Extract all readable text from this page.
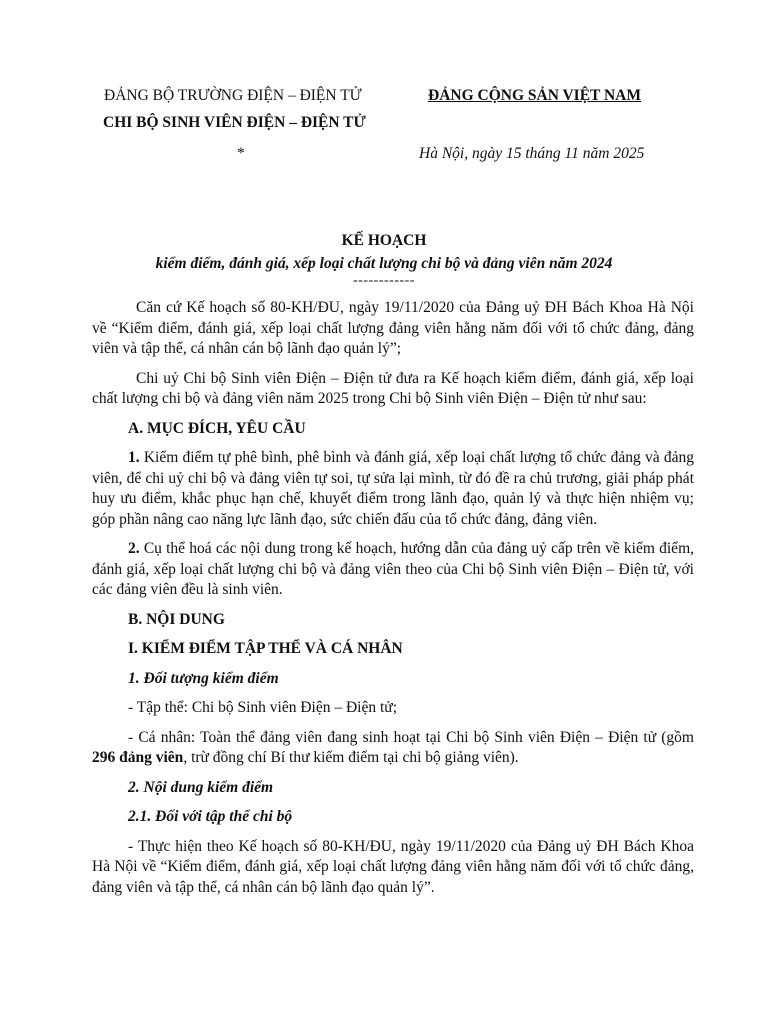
ĐẢNG BỘ TRƯỜNG ĐIỆN – ĐIỆN TỬ
CHI BỘ SINH VIÊN ĐIỆN – ĐIỆN TỬ
*
ĐẢNG CỘNG SẢN VIỆT NAM
Hà Nội, ngày 15 tháng 11 năm 2025
KẾ HOẠCH
kiểm điểm, đánh giá, xếp loại chất lượng chi bộ và đảng viên năm 2024
------------

Căn cứ Kế hoạch số 80-KH/ĐU, ngày 19/11/2020 của Đảng uỷ ĐH Bách Khoa Hà Nội về “Kiểm điểm, đánh giá, xếp loại chất lượng đảng viên hằng năm đối với tổ chức đảng, đảng viên và tập thể, cá nhân cán bộ lãnh đạo quản lý”;

Chi uỷ Chi bộ Sinh viên Điện – Điện tử đưa ra Kế hoạch kiểm điểm, đánh giá, xếp loại chất lượng chi bộ và đảng viên năm 2025 trong Chi bộ Sinh viên Điện – Điện tử như sau:

A. MỤC ĐÍCH, YÊU CẦU

1. Kiểm điểm tự phê bình, phê bình và đánh giá, xếp loại chất lượng tổ chức đảng và đảng viên, để chi uỷ chi bộ và đảng viên tự soi, tự sửa lại mình, từ đó đề ra chủ trương, giải pháp phát huy ưu điểm, khắc phục hạn chế, khuyết điểm trong lãnh đạo, quản lý và thực hiện nhiệm vụ; góp phần nâng cao năng lực lãnh đạo, sức chiến đấu của tổ chức đảng, đảng viên.

2. Cụ thể hoá các nội dung trong kế hoạch, hướng dẫn của đảng uỷ cấp trên về kiểm điểm, đánh giá, xếp loại chất lượng chi bộ và đảng viên theo của Chi bộ Sinh viên Điện – Điện tử, với các đảng viên đều là sinh viên.

B. NỘI DUNG

I. KIỂM ĐIỂM TẬP THỂ VÀ CÁ NHÂN

1. Đối tượng kiểm điểm

- Tập thể: Chi bộ Sinh viên Điện – Điện tử;

- Cá nhân: Toàn thể đảng viên đang sinh hoạt tại Chi bộ Sinh viên Điện – Điện tử (gồm 296 đảng viên, trừ đồng chí Bí thư kiểm điểm tại chi bộ giảng viên).

2. Nội dung kiểm điểm

2.1. Đối với tập thể chi bộ

- Thực hiện theo Kế hoạch số 80-KH/ĐU, ngày 19/11/2020 của Đảng uỷ ĐH Bách Khoa Hà Nội về “Kiểm điểm, đánh giá, xếp loại chất lượng đảng viên hằng năm đối với tổ chức đảng, đảng viên và tập thể, cá nhân cán bộ lãnh đạo quản lý”.
